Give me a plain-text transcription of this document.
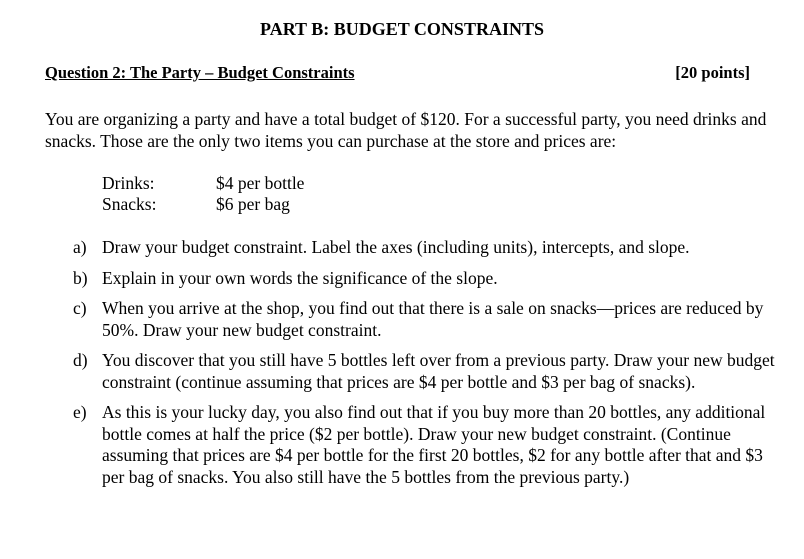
PART B: BUDGET CONSTRAINTS
Question 2: The Party – Budget Constraints	[20 points]
You are organizing a party and have a total budget of $120. For a successful party, you need drinks and snacks. Those are the only two items you can purchase at the store and prices are:
Drinks:	$4 per bottle
Snacks:	$6 per bag
a) Draw your budget constraint. Label the axes (including units), intercepts, and slope.
b) Explain in your own words the significance of the slope.
c) When you arrive at the shop, you find out that there is a sale on snacks—prices are reduced by 50%. Draw your new budget constraint.
d) You discover that you still have 5 bottles left over from a previous party. Draw your new budget constraint (continue assuming that prices are $4 per bottle and $3 per bag of snacks).
e) As this is your lucky day, you also find out that if you buy more than 20 bottles, any additional bottle comes at half the price ($2 per bottle). Draw your new budget constraint. (Continue assuming that prices are $4 per bottle for the first 20 bottles, $2 for any bottle after that and $3 per bag of snacks. You also still have the 5 bottles from the previous party.)
